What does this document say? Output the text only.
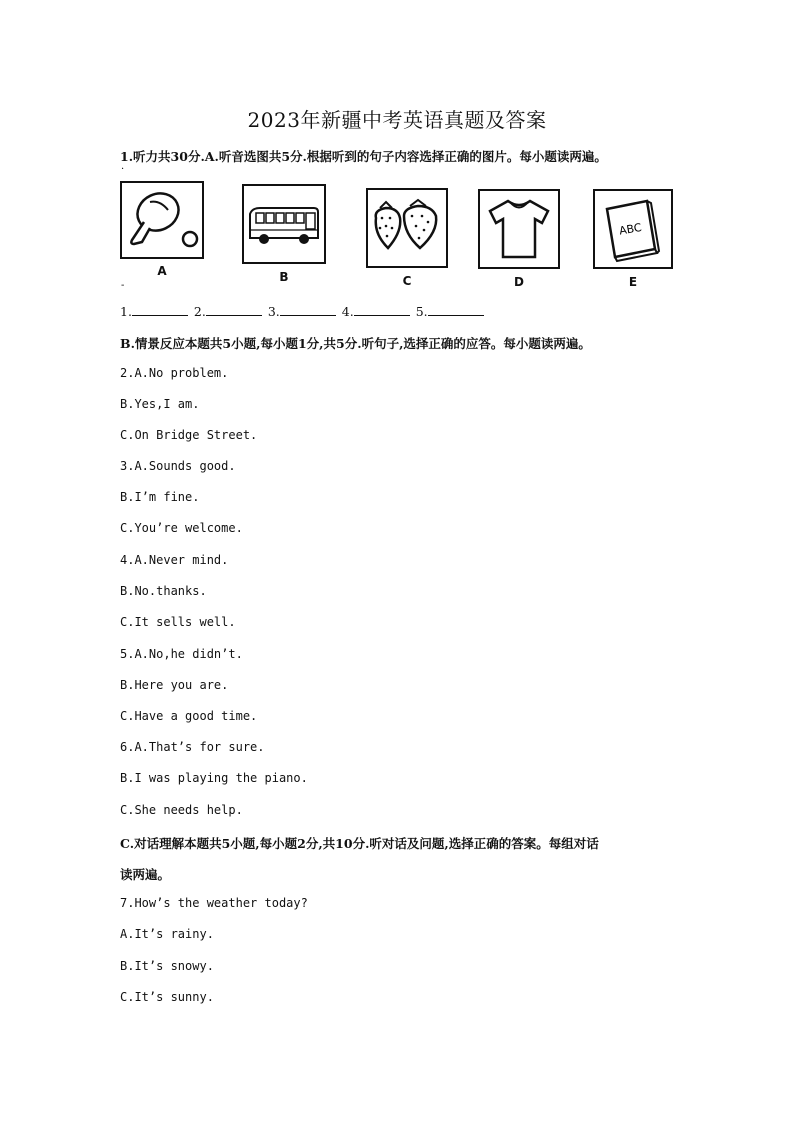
2023年新疆中考英语真题及答案
1.听力共30分.A.听音选图共5分.根据听到的句子内容选择正确的图片。每小题读两遍。
·
A	B	C	D
ABC
E
-
1.	2.	3.	4.	5.
B.情景反应本题共5小题,每小题1分,共5分.听句子,选择正确的应答。每小题读两遍。
2.A.No problem.
B.Yes,I am.
C.On Bridge Street.
3.A.Sounds good.
B.I’m fine.
C.You’re welcome.
4.A.Never mind.
B.No.thanks.
C.It sells well.
5.A.No,he didn’t.
B.Here you are.
C.Have a good time.
6.A.That’s for sure.
B.I was playing the piano.
C.She needs help.
C.对话理解本题共5小题,每小题2分,共10分.听对话及问题,选择正确的答案。每组对话
读两遍。
7.How’s the weather today?
A.It’s rainy.
B.It’s snowy.
C.It’s sunny.
